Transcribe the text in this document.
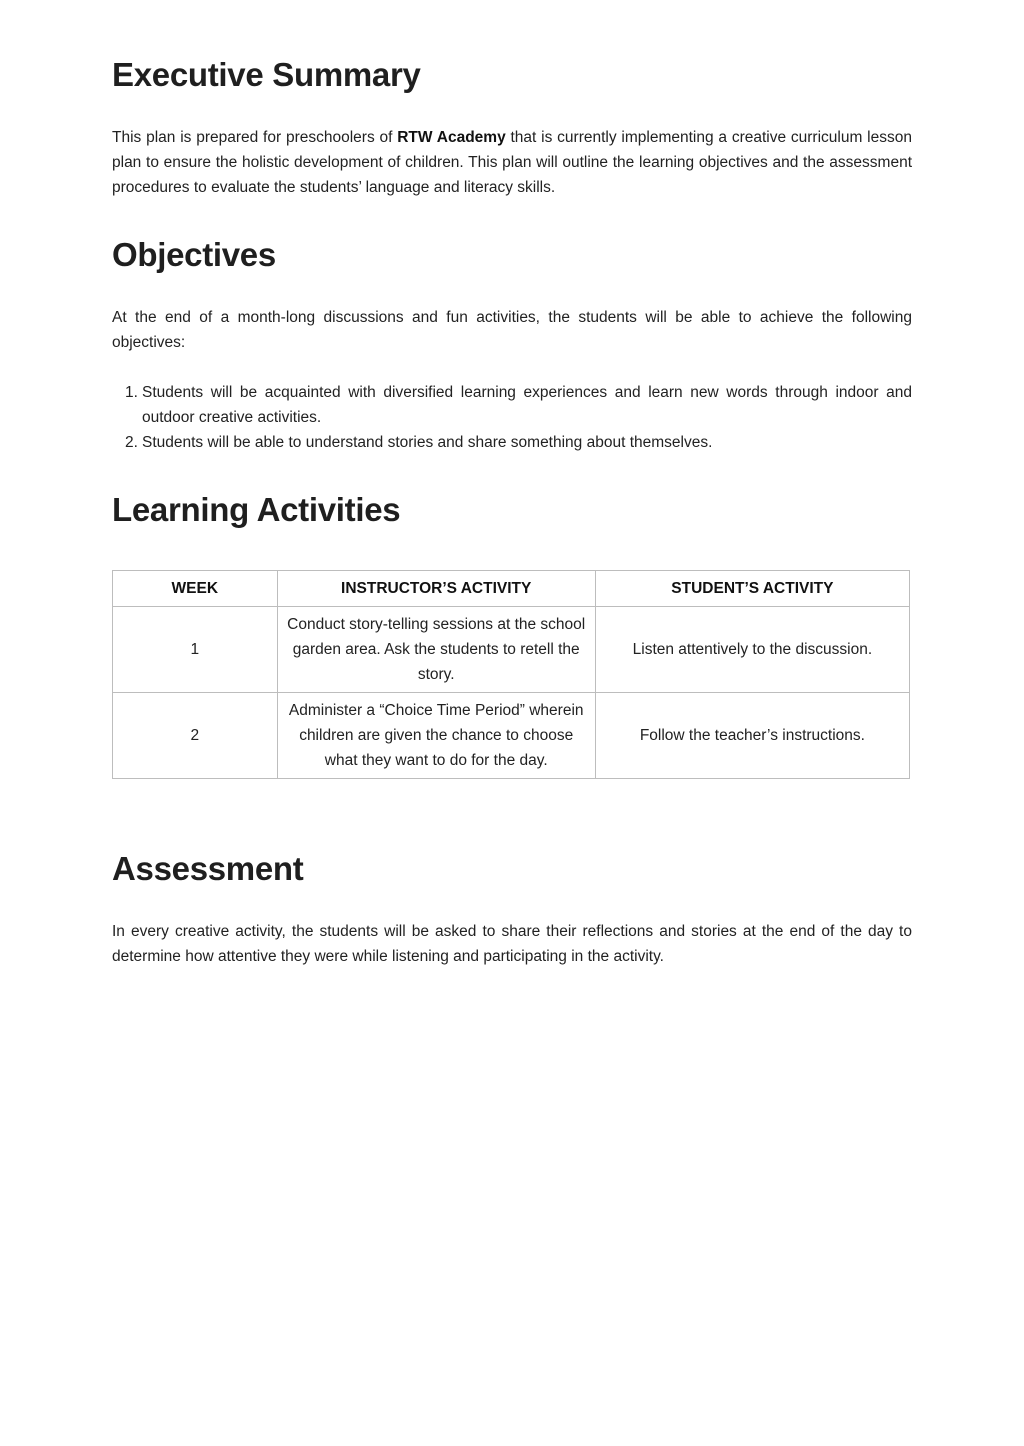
Executive Summary

This plan is prepared for preschoolers of RTW Academy that is currently implementing a creative curriculum lesson plan to ensure the holistic development of children. This plan will outline the learning objectives and the assessment procedures to evaluate the students’ language and literacy skills.

Objectives

At the end of a month-long discussions and fun activities, the students will be able to achieve the following objectives:

1. Students will be acquainted with diversified learning experiences and learn new words through indoor and outdoor creative activities.
2. Students will be able to understand stories and share something about themselves.
Learning Activities
WEEK	INSTRUCTOR’S ACTIVITY	STUDENT’S ACTIVITY
1	Conduct story-telling sessions at the school garden area. Ask the students to retell the story.	Listen attentively to the discussion.
2	Administer a “Choice Time Period” wherein children are given the chance to choose what they want to do for the day.	Follow the teacher’s instructions.
Assessment

In every creative activity, the students will be asked to share their reflections and stories at the end of the day to determine how attentive they were while listening and participating in the activity.
